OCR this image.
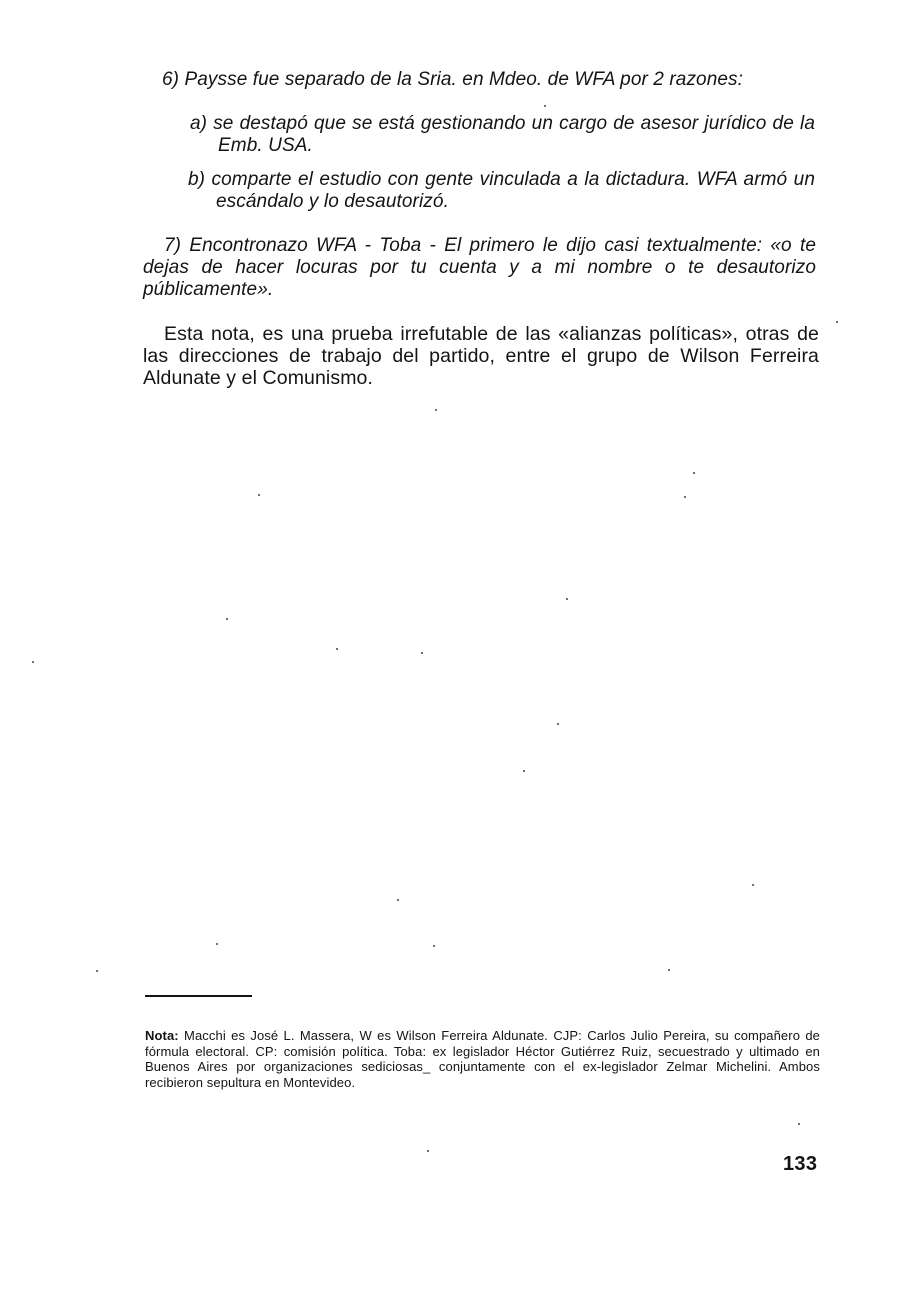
6) Paysse fue separado de la Sria. en Mdeo. de WFA por 2 razones:

a) se destapó que se está gestionando un cargo de asesor jurídico de la Emb. USA.

b) comparte el estudio con gente vinculada a la dictadura. WFA armó un escándalo y lo desautorizó.

7) Encontronazo WFA - Toba - El primero le dijo casi textualmente: «o te dejas de hacer locuras por tu cuenta y a mi nombre o te desautorizo públicamente».

Esta nota, es una prueba irrefutable de las «alianzas políticas», otras de las direcciones de trabajo del partido, entre el grupo de Wilson Ferreira Aldunate y el Comunismo.

Nota: Macchi es José L. Massera, W es Wilson Ferreira Aldunate. CJP: Carlos Julio Pereira, su compañero de fórmula electoral. CP: comisión política. Toba: ex legislador Héctor Gutiérrez Ruiz, secuestrado y ultimado en Buenos Aires por organizaciones sediciosas_ conjuntamente con el ex-legislador Zelmar Michelini. Ambos recibieron sepultura en Montevideo.

133
